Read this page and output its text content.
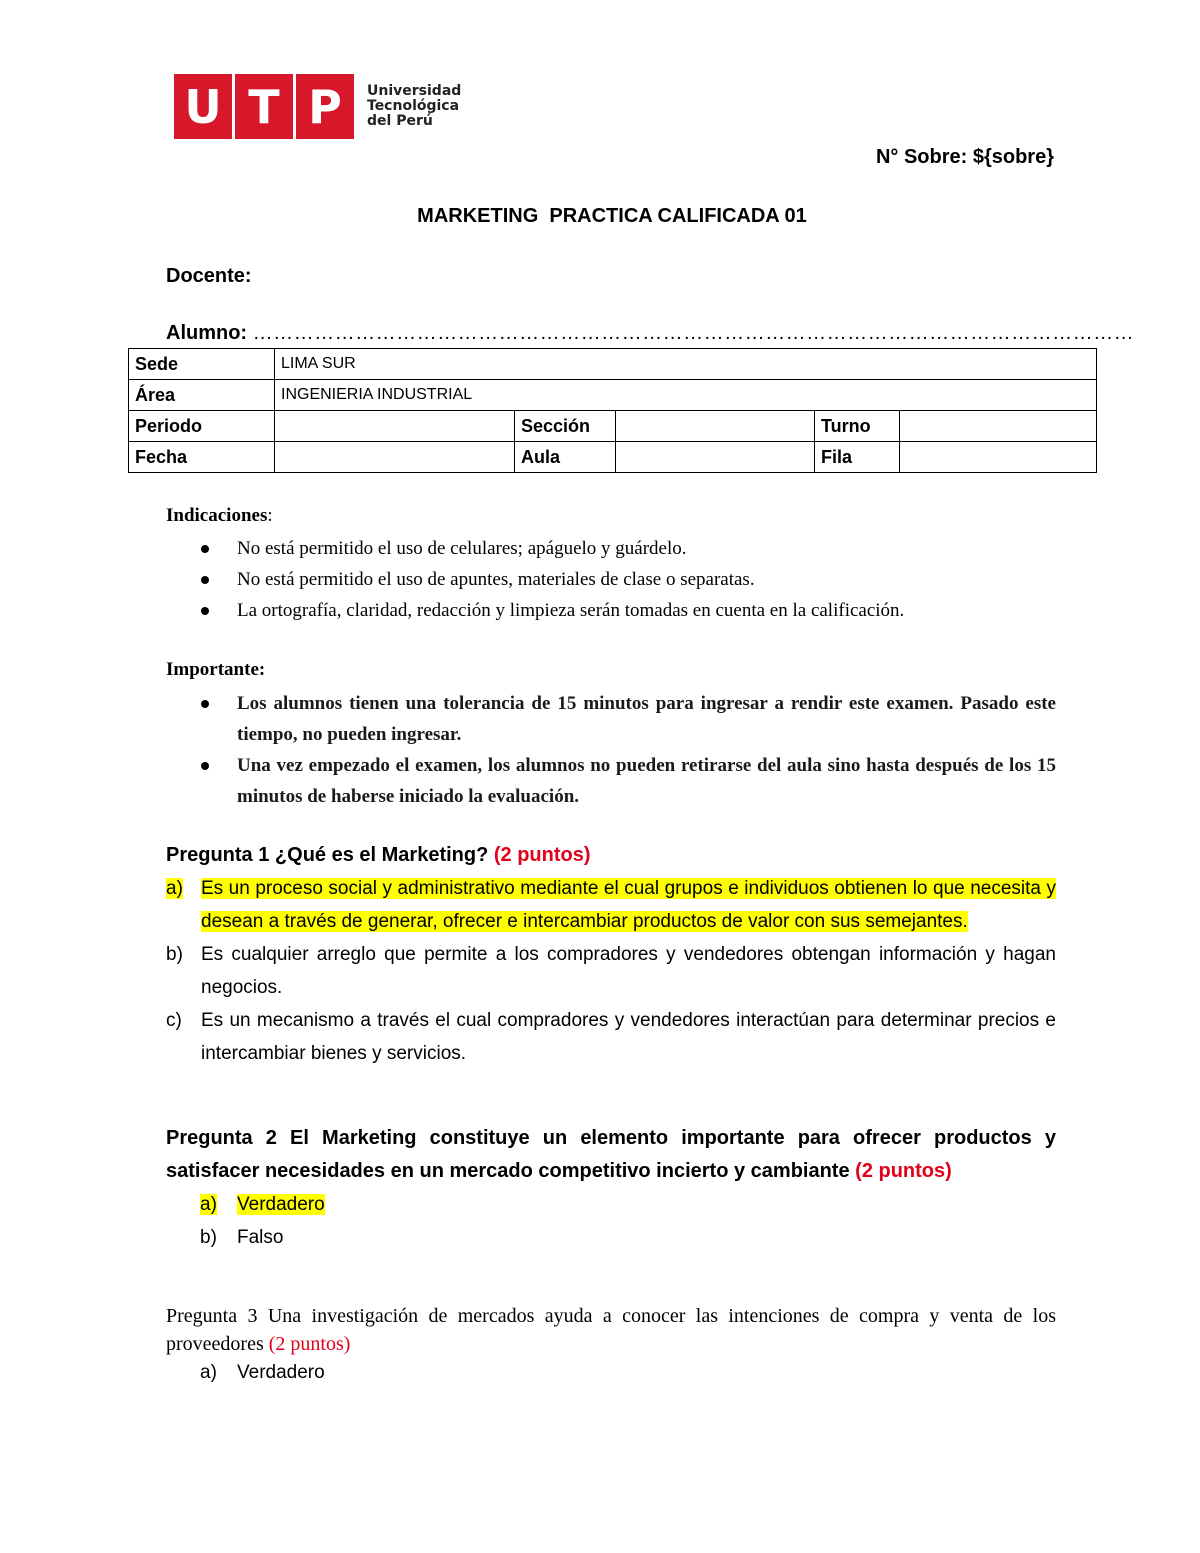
U T P	Universidad
Tecnológica
del Perú
N° Sobre: ${sobre}
MARKETING  PRACTICA CALIFICADA 01
Docente:
Alumno: …………………………………………………………………………………………………………………
Sede	LIMA SUR				
Área	INGENIERIA INDUSTRIAL				
Periodo		Sección		Turno	
Fecha		Aula		Fila	
Indicaciones:
No está permitido el uso de celulares; apáguelo y guárdelo.
No está permitido el uso de apuntes, materiales de clase o separatas.
La ortografía, claridad, redacción y limpieza serán tomadas en cuenta en la calificación.
Importante:
Los alumnos tienen una tolerancia de 15 minutos para ingresar a rendir este examen. Pasado este tiempo, no pueden ingresar.
Una vez empezado el examen, los alumnos no pueden retirarse del aula sino hasta después de los 15 minutos de haberse iniciado la evaluación.
Pregunta 1 ¿Qué es el Marketing? (2 puntos)
a) Es un proceso social y administrativo mediante el cual grupos e individuos obtienen lo que necesita y desean a través de generar, ofrecer e intercambiar productos de valor con sus semejantes.
b) Es cualquier arreglo que permite a los compradores y vendedores obtengan información y hagan negocios.
c)	Es un mecanismo a través el cual compradores y vendedores interactúan para determinar precios e intercambiar bienes y servicios.
Pregunta 2 El Marketing constituye un elemento importante para ofrecer productos y satisfacer necesidades en un mercado competitivo incierto y cambiante (2 puntos)
a)	Verdadero
b)	Falso
Pregunta 3 Una investigación de mercados ayuda a conocer las intenciones de compra y venta de los proveedores (2 puntos)
a)	Verdadero
